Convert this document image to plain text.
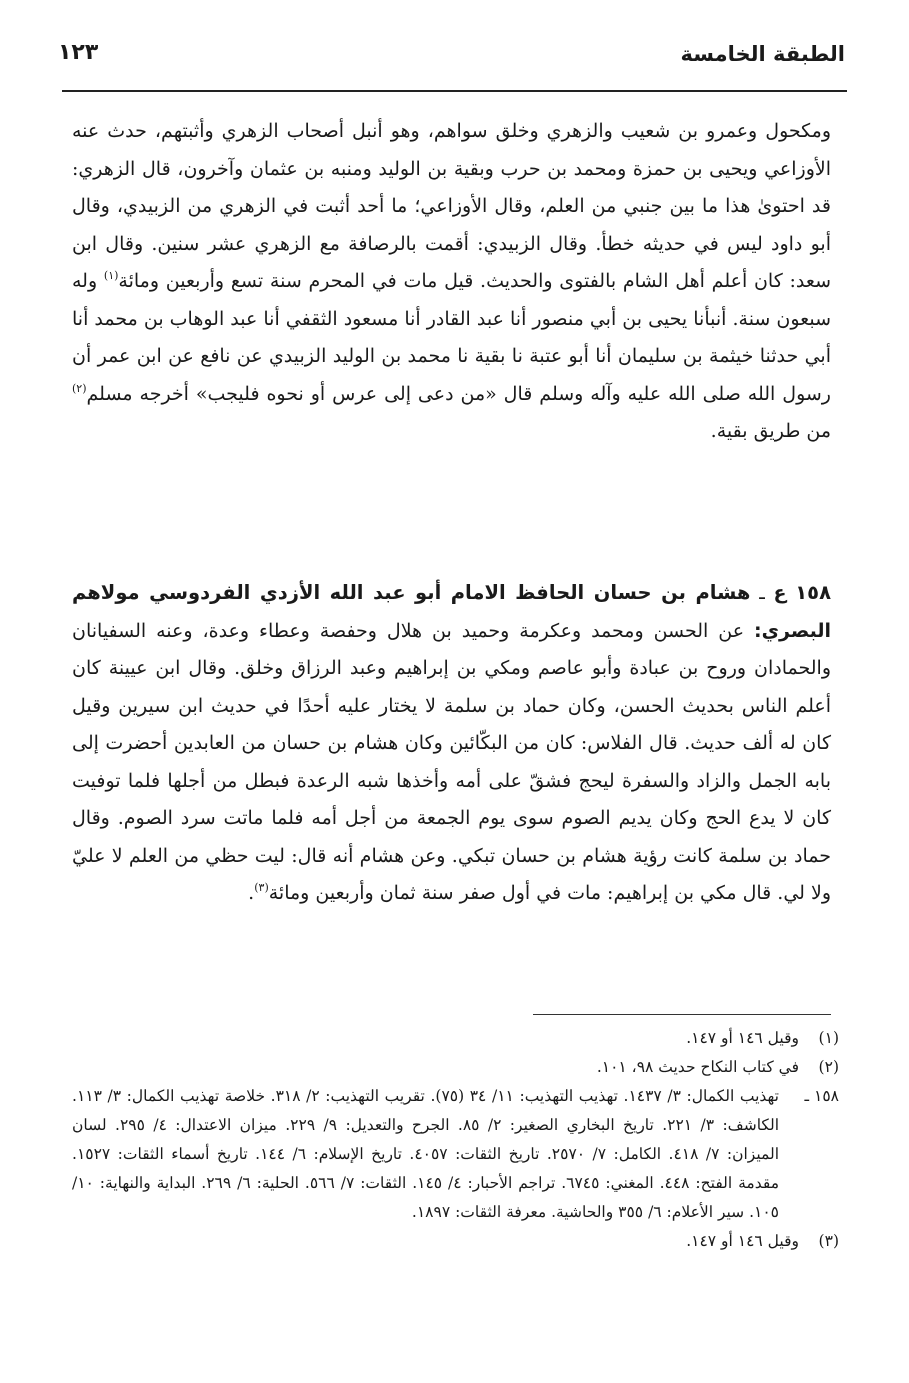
الطبقة الخامسة
١٢٣
ومكحول وعمرو بن شعيب والزهري وخلق سواهم، وهو أنبل أصحاب الزهري وأثبتهم، حدث عنه الأوزاعي ويحيى بن حمزة ومحمد بن حرب وبقية بن الوليد ومنبه بن عثمان وآخرون، قال الزهري: قد احتوىٰ هذا ما بين جنبي من العلم، وقال الأوزاعي؛ ما أحد أثبت في الزهري من الزبيدي، وقال أبو داود ليس في حديثه خطأ. وقال الزبيدي: أقمت بالرصافة مع الزهري عشر سنين. وقال ابن سعد: كان أعلم أهل الشام بالفتوى والحديث. قيل مات في المحرم سنة تسع وأربعين ومائة$^{(١)}$ وله سبعون سنة. أنبأنا يحيى بن أبي منصور أنا عبد القادر أنا مسعود الثقفي أنا عبد الوهاب بن محمد أنا أبي حدثنا خيثمة بن سليمان أنا أبو عتبة نا بقية نا محمد بن الوليد الزبيدي عن نافع عن ابن عمر أن رسول الله صلى الله عليه وآله وسلم قال «من دعى إلى عرس أو نحوه فليجب» أخرجه مسلم$^{(٢)}$ من طريق بقية.
١٥٨ ع ـ هشام بن حسان الحافظ الامام أبو عبد الله الأزدي الفردوسي مولاهم البصري: عن الحسن ومحمد وعكرمة وحميد بن هلال وحفصة وعطاء وعدة، وعنه السفيانان والحمادان وروح بن عبادة وأبو عاصم ومكي بن إبراهيم وعبد الرزاق وخلق. وقال ابن عيينة كان أعلم الناس بحديث الحسن، وكان حماد بن سلمة لا يختار عليه أحدًا في حديث ابن سيرين وقيل كان له ألف حديث. قال الفلاس: كان من البكّائين وكان هشام بن حسان من العابدين أحضرت إلى بابه الجمل والزاد والسفرة ليحج فشقّ على أمه وأخذها شبه الرعدة فبطل من أجلها فلما توفيت كان لا يدع الحج وكان يديم الصوم سوى يوم الجمعة من أجل أمه فلما ماتت سرد الصوم. وقال حماد بن سلمة كانت رؤية هشام بن حسان تبكي. وعن هشام أنه قال: ليت حظي من العلم لا عليّ ولا لي. قال مكي بن إبراهيم: مات في أول صفر سنة ثمان وأربعين ومائة$^{(٣)}$.
(١)
وقيل ١٤٦ أو ١٤٧.
(٢)
في كتاب النكاح حديث ٩٨، ١٠١.
١٥٨ ـ
تهذيب الكمال: ٣/ ١٤٣٧. تهذيب التهذيب: ١١/ ٣٤ (٧٥). تقريب التهذيب: ٢/ ٣١٨. خلاصة تهذيب الكمال: ٣/ ١١٣. الكاشف: ٣/ ٢٢١. تاريخ البخاري الصغير: ٢/ ٨٥. الجرح والتعديل: ٩/ ٢٢٩. ميزان الاعتدال: ٤/ ٢٩٥. لسان الميزان: ٧/ ٤١٨. الكامل: ٧/ ٢٥٧٠. تاريخ الثقات: ٤٠٥٧. تاريخ الإسلام: ٦/ ١٤٤. تاريخ أسماء الثقات: ١٥٢٧. مقدمة الفتح: ٤٤٨. المغني: ٦٧٤٥. تراجم الأحبار: ٤/ ١٤٥. الثقات: ٧/ ٥٦٦. الحلية: ٦/ ٢٦٩. البداية والنهاية: ١٠/ ١٠٥. سير الأعلام: ٦/ ٣٥٥ والحاشية. معرفة الثقات: ١٨٩٧.
(٣)
وقيل ١٤٦ أو ١٤٧.
